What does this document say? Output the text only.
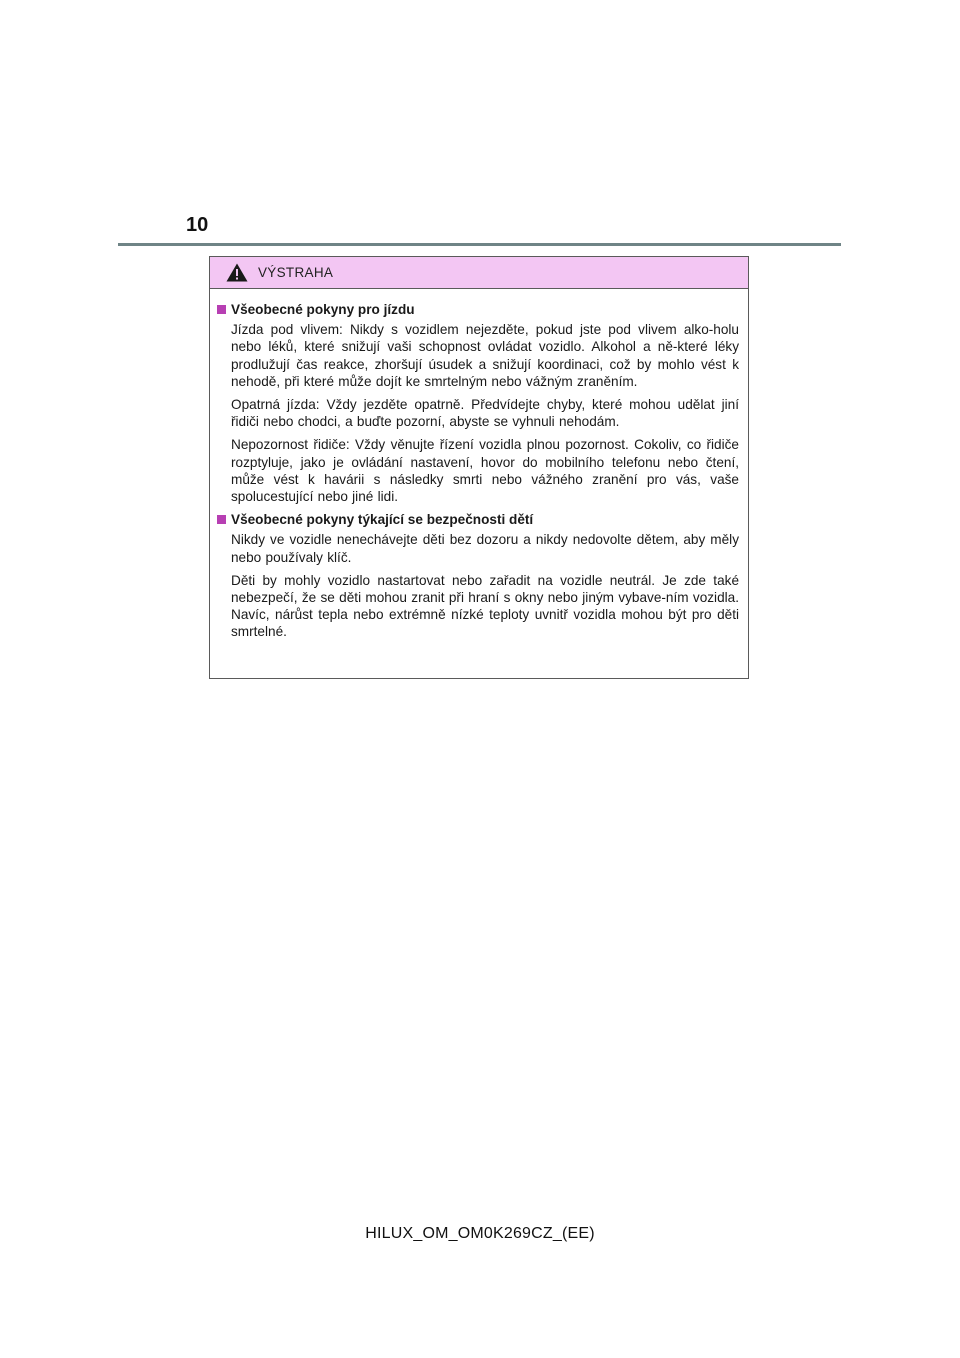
10
VÝSTRAHA
Všeobecné pokyny pro jízdu

Jízda pod vlivem: Nikdy s vozidlem nejezděte, pokud jste pod vlivem alko-holu nebo léků, které snižují vaši schopnost ovládat vozidlo. Alkohol a ně-které léky prodlužují čas reakce, zhoršují úsudek a snižují koordinaci, což by mohlo vést k nehodě, při které může dojít ke smrtelným nebo vážným zraněním.

Opatrná jízda: Vždy jezděte opatrně. Předvídejte chyby, které mohou udělat jiní řidiči nebo chodci, a buďte pozorní, abyste se vyhnuli nehodám.

Nepozornost řidiče: Vždy věnujte řízení vozidla plnou pozornost. Cokoliv, co řidiče rozptyluje, jako je ovládání nastavení, hovor do mobilního telefonu nebo čtení, může vést k havárii s následky smrti nebo vážného zranění pro vás, vaše spolucestující nebo jiné lidi.

Všeobecné pokyny týkající se bezpečnosti dětí

Nikdy ve vozidle nenechávejte děti bez dozoru a nikdy nedovolte dětem, aby měly nebo používaly klíč.

Děti by mohly vozidlo nastartovat nebo zařadit na vozidle neutrál. Je zde také nebezpečí, že se děti mohou zranit při hraní s okny nebo jiným vybave-ním vozidla. Navíc, nárůst tepla nebo extrémně nízké teploty uvnitř vozidla mohou být pro děti smrtelné.

HILUX_OM_OM0K269CZ_(EE)
